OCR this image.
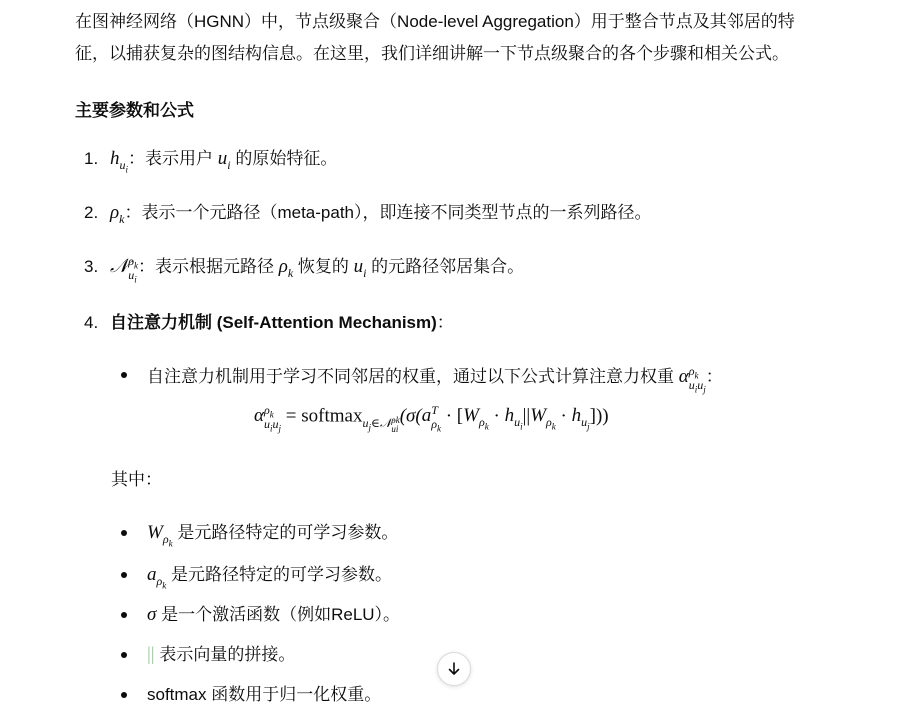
在图神经网络（HGNN）中，节点级聚合（Node-level Aggregation）用于整合节点及其邻居的特
征，以捕获复杂的图结构信息。在这里，我们详细讲解一下节点级聚合的各个步骤和相关公式。
主要参数和公式
1. $h_{u_i}$：表示用户 $u_i$ 的原始特征。
2. $\rho_k$：表示一个元路径（meta-path），即连接不同类型节点的一系列路径。
3. 𝒩 $\rho_k$
$u_i$
：表示根据元路径 $\rho_k$ 恢复的 $u_i$ 的元路径邻居集合。
4. 自注意力机制 (Self-Attention Mechanism)：
自注意力机制用于学习不同邻居的权重，通过以下公式计算注意力权重 α $\rho_k$
$u_iu_j$
：
α $\rho_k$
$u_iu_j$
= softmax$_{u_j\in 𝒩 \rho k ui}$
(σ(a T
$\rho_k$
· $[W_{\rho_k} \cdot h_{u_i}||W_{\rho_k} \cdot h_{u_j}]$))
其中：
$W_{\rho_k}$ 是元路径特定的可学习参数。
$a_{\rho_k}$ 是元路径特定的可学习参数。
σ 是一个激活函数（例如ReLU）。
|| 表示向量的拼接。
softmax 函数用于归一化权重。
